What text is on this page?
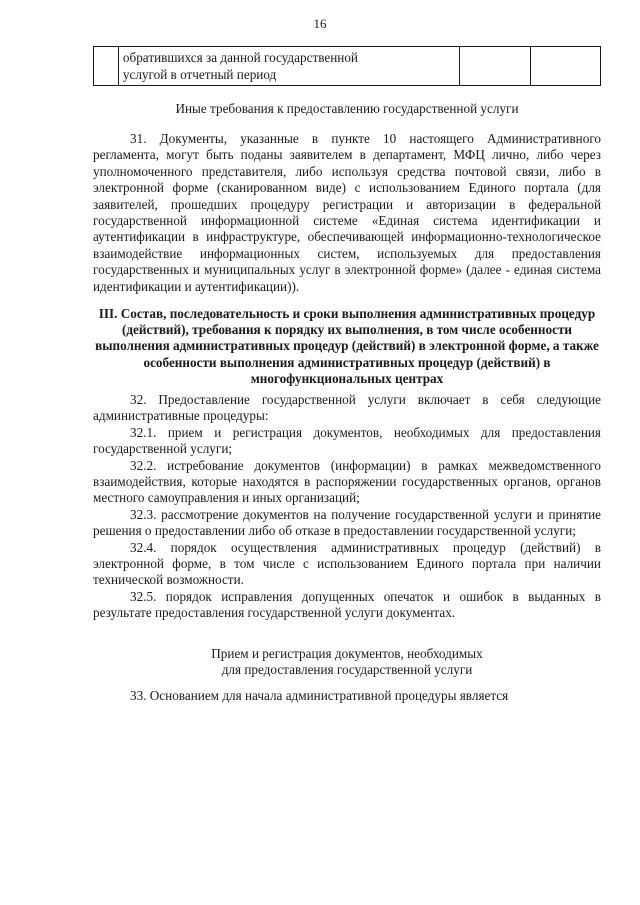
16

обратившихся за данной государственной
услугой в отчетный период

Иные требования к предоставлению государственной услуги
31. Документы, указанные в пункте 10 настоящего Административного регламента, могут быть поданы заявителем в департамент, МФЦ лично, либо через уполномоченного представителя, либо используя средства почтовой связи, либо в электронной форме (сканированном виде) с использованием Единого портала (для заявителей, прошедших процедуру регистрации и авторизации в федеральной государственной информационной системе «Единая система идентификации и аутентификации в инфраструктуре, обеспечивающей информационно-технологическое взаимодействие информационных систем, используемых для предоставления государственных и муниципальных услуг в электронной форме» (далее - единая система идентификации и аутентификации)).
III. Состав, последовательность и сроки выполнения административных процедур (действий), требования к порядку их выполнения, в том числе особенности выполнения административных процедур (действий) в электронной форме, а также особенности выполнения административных процедур (действий) в многофункциональных центрах

32. Предоставление государственной услуги включает в себя следующие административные процедуры:

32.1. прием и регистрация документов, необходимых для предоставления государственной услуги;

32.2. истребование документов (информации) в рамках межведомственного взаимодействия, которые находятся в распоряжении государственных органов, органов местного самоуправления и иных организаций;

32.3. рассмотрение документов на получение государственной услуги и принятие решения о предоставлении либо об отказе в предоставлении государственной услуги;

32.4. порядок осуществления административных процедур (действий) в электронной форме, в том числе с использованием Единого портала при наличии технической возможности.

32.5. порядок исправления допущенных опечаток и ошибок в выданных в результате предоставления государственной услуги документах.

Прием и регистрация документов, необходимых
для предоставления государственной услуги
33. Основанием для начала административной процедуры является
